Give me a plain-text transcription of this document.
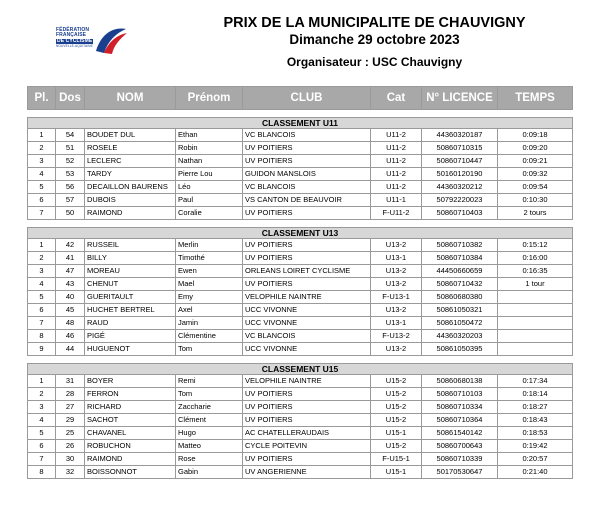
FÉDÉRATION
FRANÇAISE
DE CYCLISME
NOUVELLE-AQUITAINE
PRIX DE LA MUNICIPALITE DE CHAUVIGNY
Dimanche 29 octobre 2023
Organisateur : USC Chauvigny
Pl.	Dos	NOM	Prénom	CLUB	Cat	N° LICENCE	TEMPS

CLASSEMENT U11							
1	54	BOUDET DUL	Ethan	VC BLANCOIS	U11-2	44360320187	0:09:18
2	51	ROSELE	Robin	UV POITIERS	U11-2	50860710315	0:09:20
3	52	LECLERC	Nathan	UV POITIERS	U11-2	50860710447	0:09:21
4	53	TARDY	Pierre Lou	GUIDON MANSLOIS	U11-2	50160120190	0:09:32
5	56	DECAILLON BAURENS	Léo	VC BLANCOIS	U11-2	44360320212	0:09:54
6	57	DUBOIS	Paul	VS CANTON DE BEAUVOIR	U11-1	50792220023	0:10:30
7	50	RAIMOND	Coralie	UV POITIERS	F-U11-2	50860710403	2 tours

CLASSEMENT U13							
1	42	RUSSEIL	Merlin	UV POITIERS	U13-2	50860710382	0:15:12
2	41	BILLY	Timothé	UV POITIERS	U13-1	50860710384	0:16:00
3	47	MOREAU	Ewen	ORLEANS LOIRET CYCLISME	U13-2	44450660659	0:16:35
4	43	CHENUT	Mael	UV POITIERS	U13-2	50860710432	1 tour
5	40	GUERITAULT	Emy	VELOPHILE NAINTRE	F-U13-1	50860680380	
6	45	HUCHET BERTREL	Axel	UCC VIVONNE	U13-2	50861050321	
7	48	RAUD	Jamin	UCC VIVONNE	U13-1	50861050472	
8	46	PIGÉ	Clémentine	VC BLANCOIS	F-U13-2	44360320203	
9	44	HUGUENOT	Tom	UCC VIVONNE	U13-2	50861050395	

CLASSEMENT U15							
1	31	BOYER	Remi	VELOPHILE NAINTRE	U15-2	50860680138	0:17:34
2	28	FERRON	Tom	UV POITIERS	U15-2	50860710103	0:18:14
3	27	RICHARD	Zaccharie	UV POITIERS	U15-2	50860710334	0:18:27
4	29	SACHOT	Clément	UV POITIERS	U15-2	50860710364	0:18:43
5	25	CHAVANEL	Hugo	AC CHATELLERAUDAIS	U15-1	50861540142	0:18:53
6	26	ROBUCHON	Matteo	CYCLE POITEVIN	U15-2	50860700643	0:19:42
7	30	RAIMOND	Rose	UV POITIERS	F-U15-1	50860710339	0:20:57
8	32	BOISSONNOT	Gabin	UV ANGERIENNE	U15-1	50170530647	0:21:40
